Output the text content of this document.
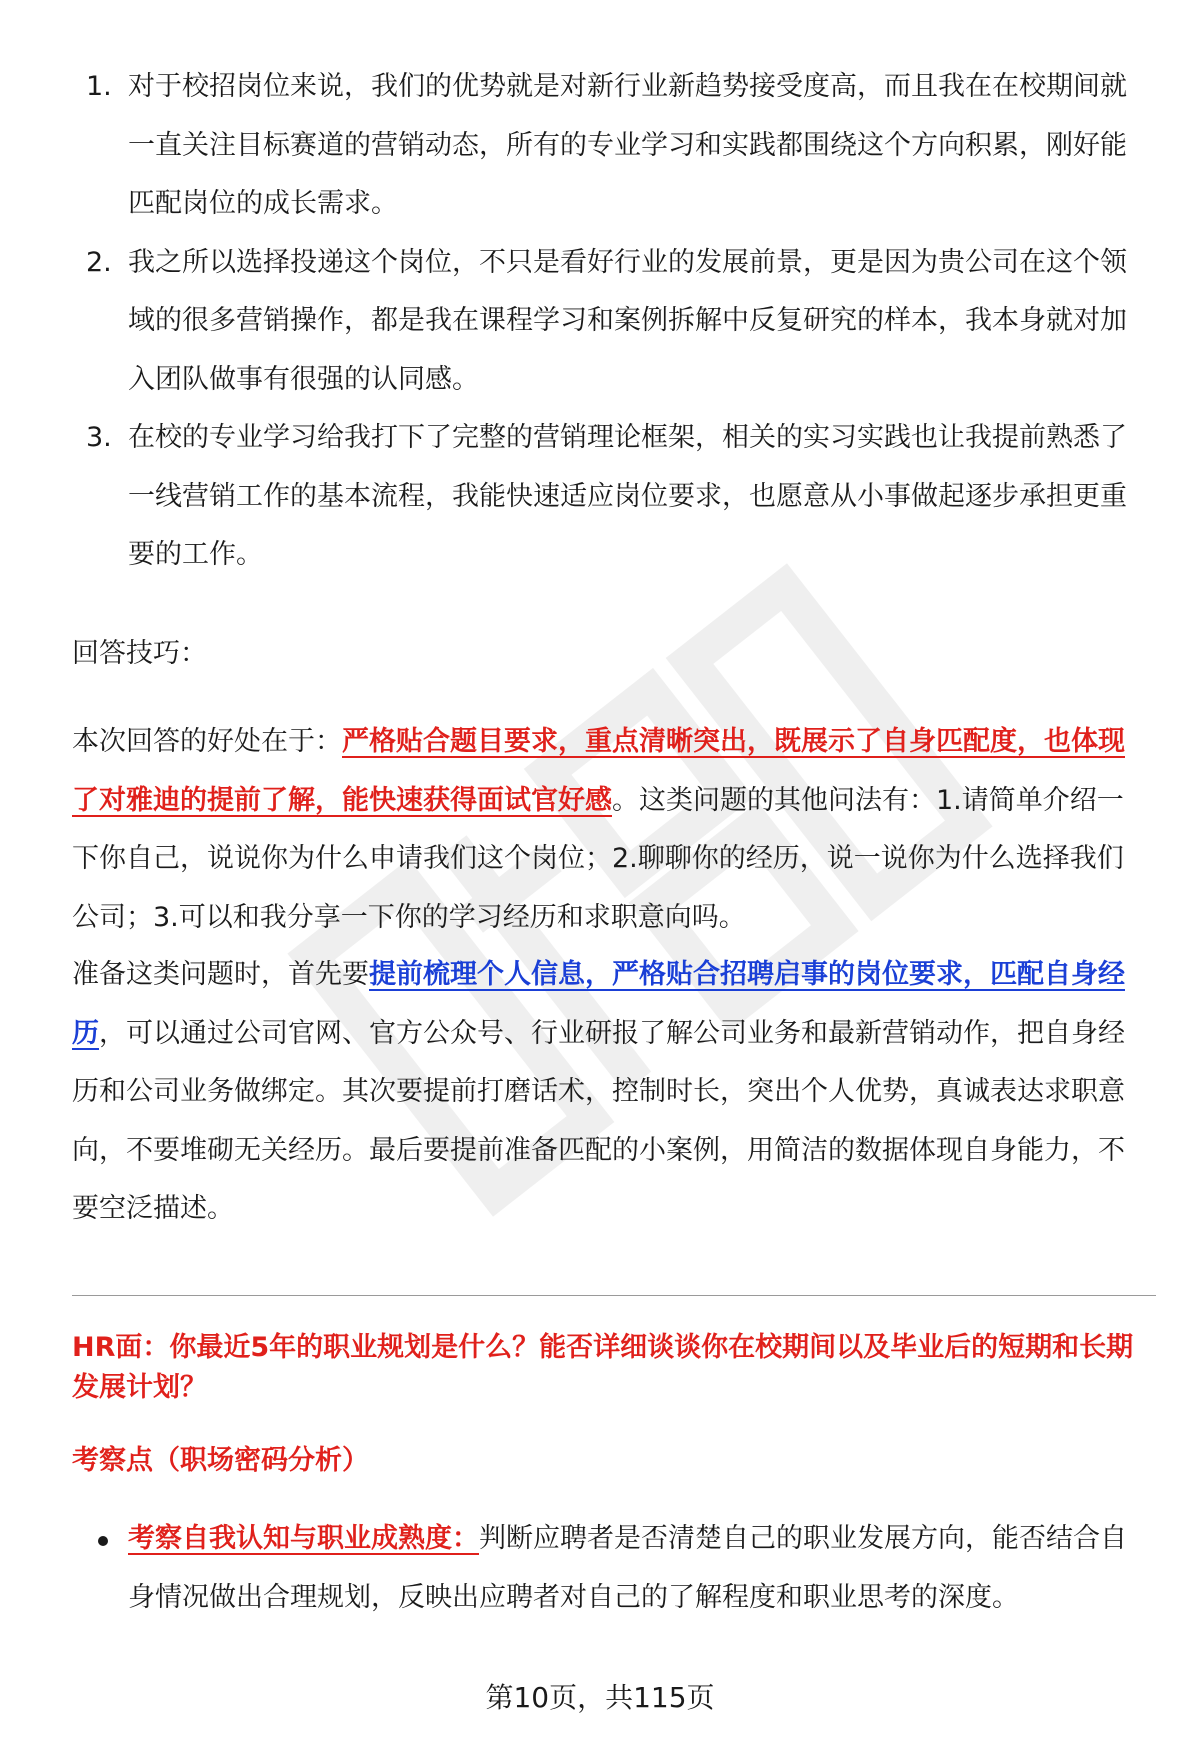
1. 对于校招岗位来说，我们的优势就是对新行业新趋势接受度高，而且我在在校期间就一直关注目标赛道的营销动态，所有的专业学习和实践都围绕这个方向积累，刚好能匹配岗位的成长需求。
2. 我之所以选择投递这个岗位，不只是看好行业的发展前景，更是因为贵公司在这个领域的很多营销操作，都是我在课程学习和案例拆解中反复研究的样本，我本身就对加入团队做事有很强的认同感。
3. 在校的专业学习给我打下了完整的营销理论框架，相关的实习实践也让我提前熟悉了一线营销工作的基本流程，我能快速适应岗位要求，也愿意从小事做起逐步承担更重要的工作。

回答技巧：

本次回答的好处在于：严格贴合题目要求，重点清晰突出，既展示了自身匹配度，也体现了对雅迪的提前了解，能快速获得面试官好感。这类问题的其他问法有：1.请简单介绍一下你自己，说说你为什么申请我们这个岗位；2.聊聊你的经历，说一说你为什么选择我们公司；3.可以和我分享一下你的学习经历和求职意向吗。

准备这类问题时，首先要提前梳理个人信息，严格贴合招聘启事的岗位要求，匹配自身经历，可以通过公司官网、官方公众号、行业研报了解公司业务和最新营销动作，把自身经历和公司业务做绑定。其次要提前打磨话术，控制时长，突出个人优势，真诚表达求职意向，不要堆砌无关经历。最后要提前准备匹配的小案例，用简洁的数据体现自身能力，不要空泛描述。

HR面：你最近5年的职业规划是什么？能否详细谈谈你在校期间以及毕业后的短期和长期发展计划？

考察点（职场密码分析）

考察自我认知与职业成熟度：判断应聘者是否清楚自己的职业发展方向，能否结合自身情况做出合理规划，反映出应聘者对自己的了解程度和职业思考的深度。
第10页，共115页
